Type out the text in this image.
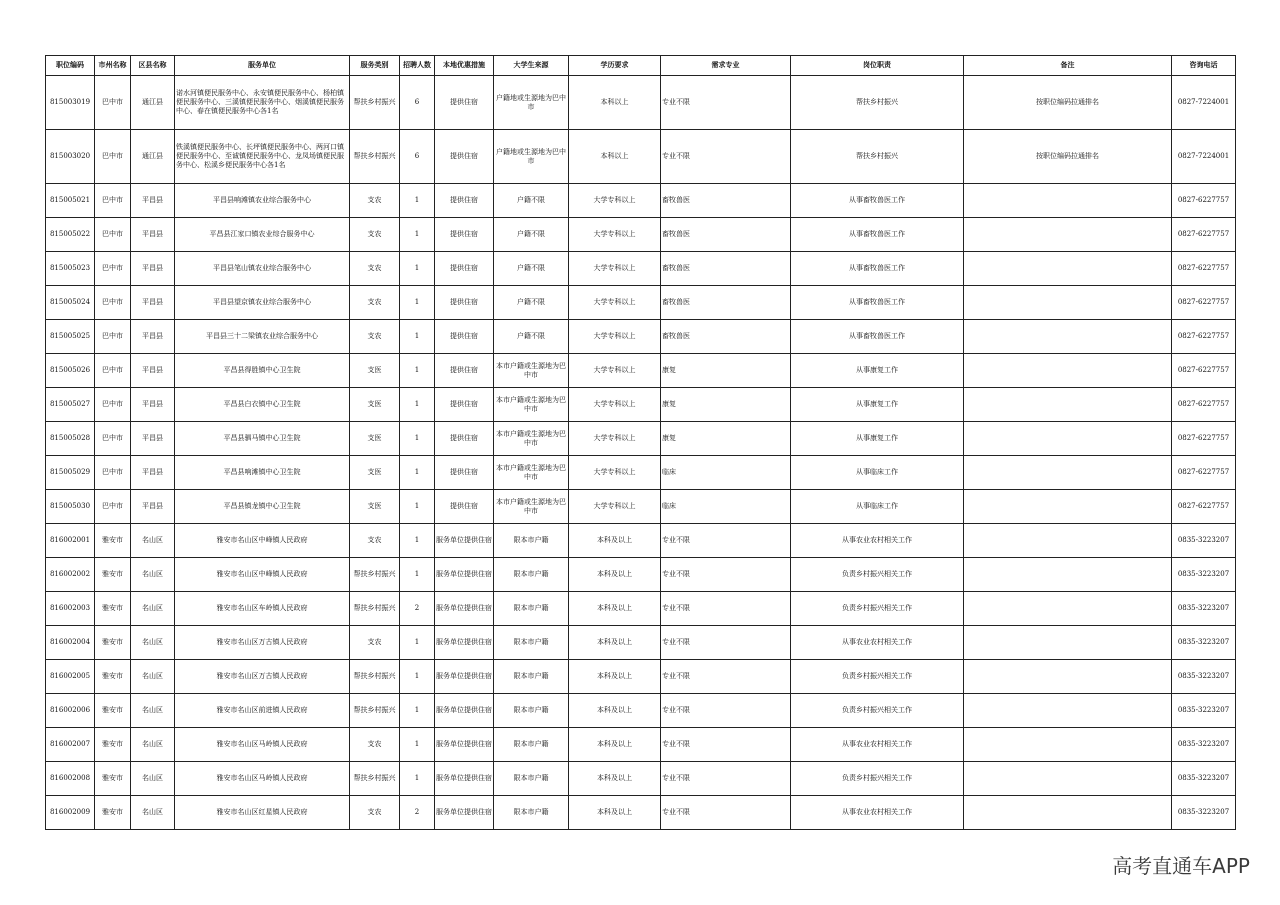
职位编码	市州名称	区县名称	服务单位	服务类别	招聘人数	本地优惠措施	大学生来源	学历要求	需求专业	岗位职责	备注	咨询电话
815003019	巴中市	通江县	诺水河镇便民服务中心、永安镇便民服务中心、杨柏镇便民服务中心、三溪镇便民服务中心、烟溪镇便民服务中心、春在镇便民服务中心各1名	帮扶乡村振兴	6	提供住宿	户籍地或生源地为巴中市	本科以上	专业不限	帮扶乡村振兴	按职位编码拉通排名	0827-7224001
815003020	巴中市	通江县	铁溪镇便民服务中心、长坪镇便民服务中心、两河口镇便民服务中心、至诚镇便民服务中心、龙凤场镇便民服务中心、松溪乡便民服务中心各1名	帮扶乡村振兴	6	提供住宿	户籍地或生源地为巴中市	本科以上	专业不限	帮扶乡村振兴	按职位编码拉通排名	0827-7224001
815005021	巴中市	平昌县	平昌县响滩镇农业综合服务中心	支农	1	提供住宿	户籍不限	大学专科以上	畜牧兽医	从事畜牧兽医工作		0827-6227757
815005022	巴中市	平昌县	平昌县江家口镇农业综合服务中心	支农	1	提供住宿	户籍不限	大学专科以上	畜牧兽医	从事畜牧兽医工作		0827-6227757
815005023	巴中市	平昌县	平昌县笔山镇农业综合服务中心	支农	1	提供住宿	户籍不限	大学专科以上	畜牧兽医	从事畜牧兽医工作		0827-6227757
815005024	巴中市	平昌县	平昌县望京镇农业综合服务中心	支农	1	提供住宿	户籍不限	大学专科以上	畜牧兽医	从事畜牧兽医工作		0827-6227757
815005025	巴中市	平昌县	平昌县三十二梁镇农业综合服务中心	支农	1	提供住宿	户籍不限	大学专科以上	畜牧兽医	从事畜牧兽医工作		0827-6227757
815005026	巴中市	平昌县	平昌县得胜镇中心卫生院	支医	1	提供住宿	本市户籍或生源地为巴中市	大学专科以上	康复	从事康复工作		0827-6227757
815005027	巴中市	平昌县	平昌县白衣镇中心卫生院	支医	1	提供住宿	本市户籍或生源地为巴中市	大学专科以上	康复	从事康复工作		0827-6227757
815005028	巴中市	平昌县	平昌县驷马镇中心卫生院	支医	1	提供住宿	本市户籍或生源地为巴中市	大学专科以上	康复	从事康复工作		0827-6227757
815005029	巴中市	平昌县	平昌县响滩镇中心卫生院	支医	1	提供住宿	本市户籍或生源地为巴中市	大学专科以上	临床	从事临床工作		0827-6227757
815005030	巴中市	平昌县	平昌县镇龙镇中心卫生院	支医	1	提供住宿	本市户籍或生源地为巴中市	大学专科以上	临床	从事临床工作		0827-6227757
816002001	雅安市	名山区	雅安市名山区中峰镇人民政府	支农	1	服务单位提供住宿	限本市户籍	本科及以上	专业不限	从事农业农村相关工作		0835-3223207
816002002	雅安市	名山区	雅安市名山区中峰镇人民政府	帮扶乡村振兴	1	服务单位提供住宿	限本市户籍	本科及以上	专业不限	负责乡村振兴相关工作		0835-3223207
816002003	雅安市	名山区	雅安市名山区车岭镇人民政府	帮扶乡村振兴	2	服务单位提供住宿	限本市户籍	本科及以上	专业不限	负责乡村振兴相关工作		0835-3223207
816002004	雅安市	名山区	雅安市名山区万古镇人民政府	支农	1	服务单位提供住宿	限本市户籍	本科及以上	专业不限	从事农业农村相关工作		0835-3223207
816002005	雅安市	名山区	雅安市名山区万古镇人民政府	帮扶乡村振兴	1	服务单位提供住宿	限本市户籍	本科及以上	专业不限	负责乡村振兴相关工作		0835-3223207
816002006	雅安市	名山区	雅安市名山区前进镇人民政府	帮扶乡村振兴	1	服务单位提供住宿	限本市户籍	本科及以上	专业不限	负责乡村振兴相关工作		0835-3223207
816002007	雅安市	名山区	雅安市名山区马岭镇人民政府	支农	1	服务单位提供住宿	限本市户籍	本科及以上	专业不限	从事农业农村相关工作		0835-3223207
816002008	雅安市	名山区	雅安市名山区马岭镇人民政府	帮扶乡村振兴	1	服务单位提供住宿	限本市户籍	本科及以上	专业不限	负责乡村振兴相关工作		0835-3223207
816002009	雅安市	名山区	雅安市名山区红星镇人民政府	支农	2	服务单位提供住宿	限本市户籍	本科及以上	专业不限	从事农业农村相关工作		0835-3223207
高考直通车APP
